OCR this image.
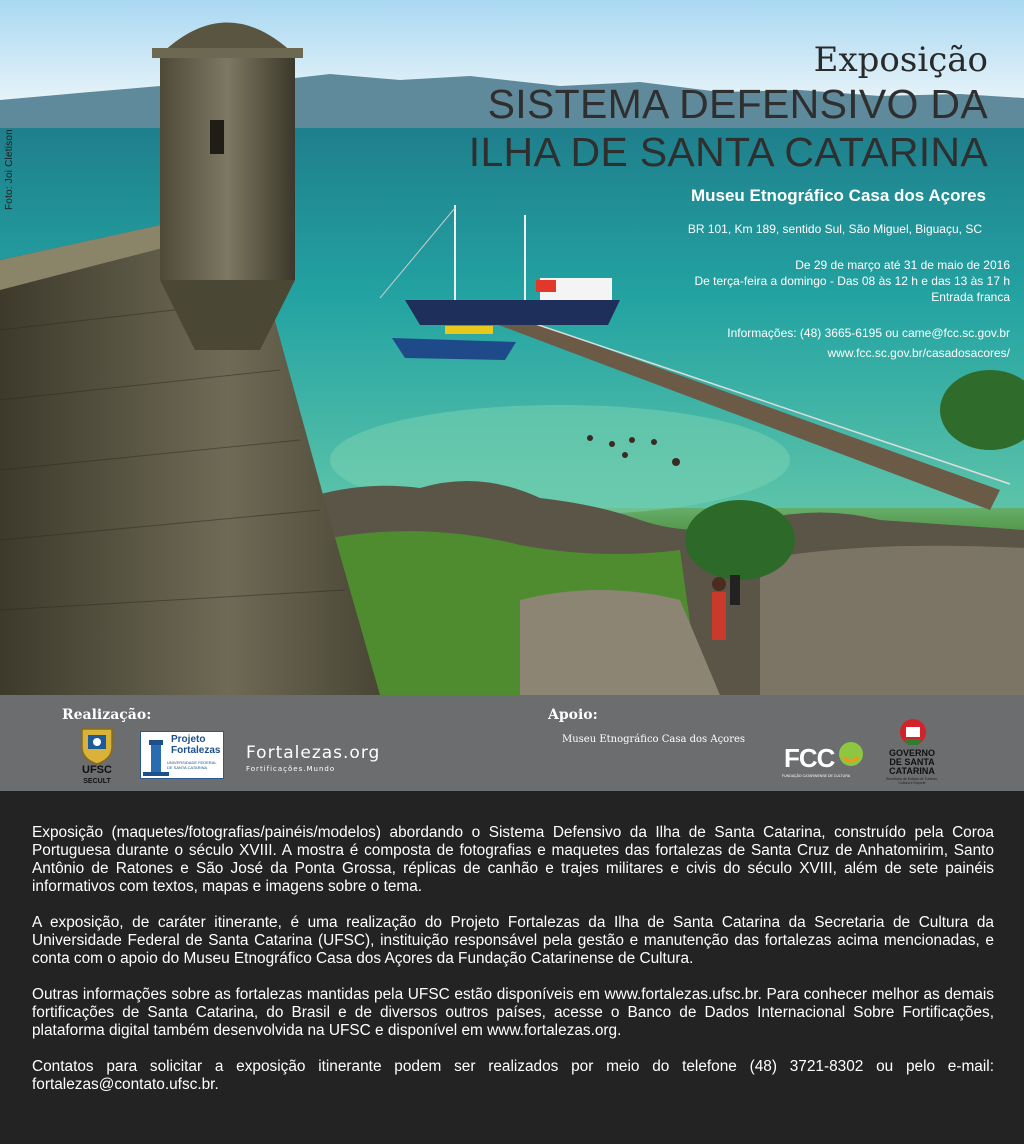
Foto: Joi Cletison
Exposição
SISTEMA DEFENSIVO DA
ILHA DE SANTA CATARINA
Museu Etnográfico Casa dos Açores
BR 101, Km 189, sentido Sul, São Miguel, Biguaçu, SC
De 29 de março até 31 de maio de 2016
De terça-feira a domingo - Das 08 às 12 h e das 13 às 17 h
Entrada franca
Informações: (48) 3665-6195 ou came@fcc.sc.gov.br
www.fcc.sc.gov.br/casadosacores/
Realização:	Apoio:
UFSC
SECULT
Projeto
Fortalezas
UNIVERSIDADE FEDERAL DE SANTA CATARINA
Fortalezas.org
Fortificações.Mundo
Museu Etnográfico Casa dos Açores
FCC
FUNDAÇÃO CATARINENSE DE CULTURA
GOVERNO
DE SANTA
CATARINA
Secretaria de Estado de Turismo, Cultura e Esporte

Exposição (maquetes/fotografias/painéis/modelos) abordando o Sistema Defensivo da Ilha de Santa Catarina, construído pela Coroa Portuguesa durante o século XVIII. A mostra é composta de fotografias e maquetes das fortalezas de Santa Cruz de Anhatomirim, Santo Antônio de Ratones e São José da Ponta Grossa, réplicas de canhão e trajes militares e civis do século XVIII, além de sete painéis informativos com textos, mapas e imagens sobre o tema.

A exposição, de caráter itinerante, é uma realização do Projeto Fortalezas da Ilha de Santa Catarina da Secretaria de Cultura da Universidade Federal de Santa Catarina (UFSC), instituição responsável pela gestão e manutenção das fortalezas acima mencionadas, e conta com o apoio do Museu Etnográfico Casa dos Açores da Fundação Catarinense de Cultura.

Outras informações sobre as fortalezas mantidas pela UFSC estão disponíveis em www.fortalezas.ufsc.br. Para conhecer melhor as demais fortificações de Santa Catarina, do Brasil e de diversos outros países, acesse o Banco de Dados Internacional Sobre Fortificações, plataforma digital também desenvolvida na UFSC e disponível em www.fortalezas.org.

Contatos para solicitar a exposição itinerante podem ser realizados por meio do telefone (48) 3721-8302 ou pelo e-mail: fortalezas@contato.ufsc.br.
